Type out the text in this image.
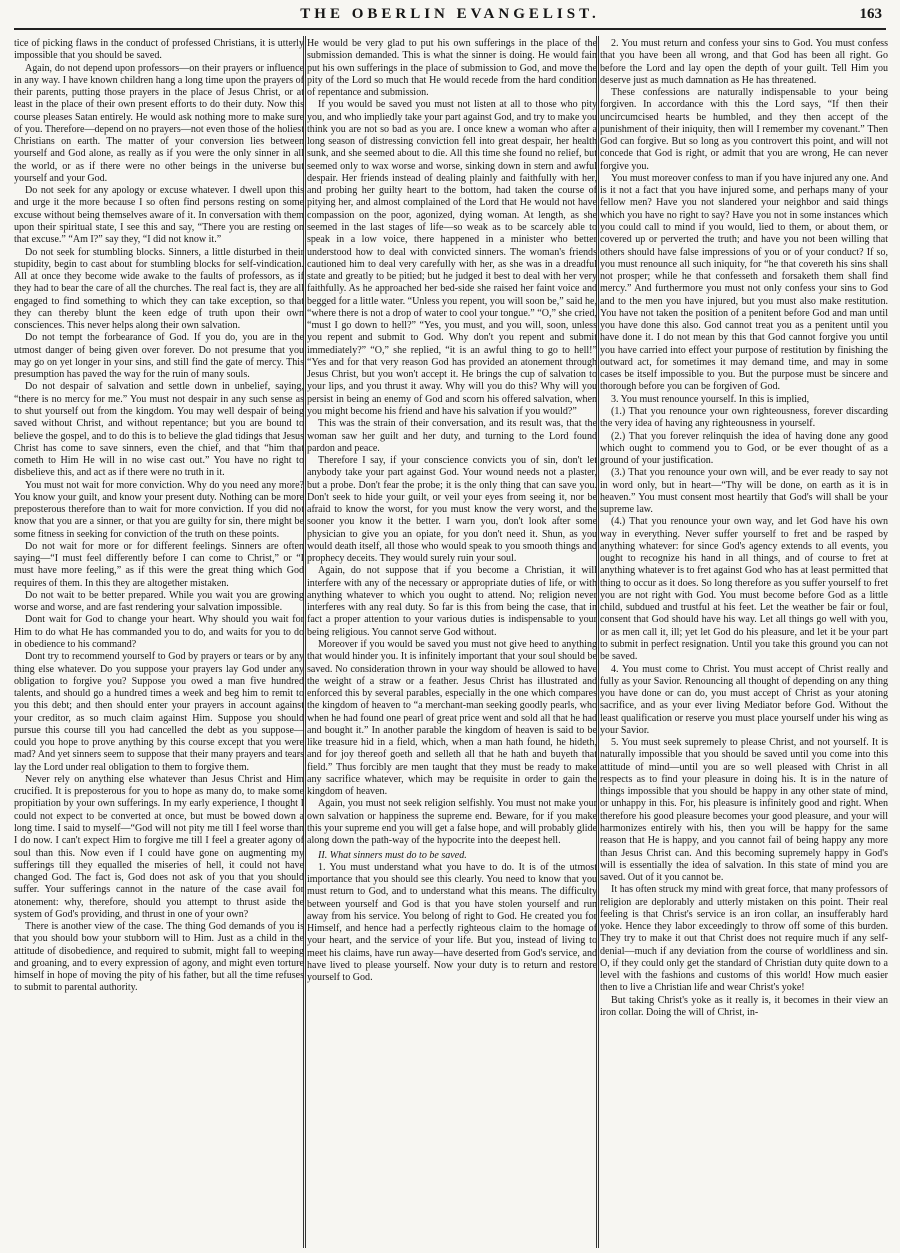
THE OBERLIN EVANGELIST.	163

tice of picking flaws in the conduct of professed Christians, it is utterly impossible that you should be saved.

Again, do not depend upon professors—on their prayers or influence in any way. I have known children hang a long time upon the prayers of their parents, putting those prayers in the place of Jesus Christ, or at least in the place of their own present efforts to do their duty. Now this course pleases Satan entirely. He would ask nothing more to make sure of you. Therefore—depend on no prayers—not even those of the holiest Christians on earth. The matter of your conversion lies between yourself and God alone, as really as if you were the only sinner in all the world, or as if there were no other beings in the universe but yourself and your God.

Do not seek for any apology or excuse whatever. I dwell upon this and urge it the more because I so often find persons resting on some excuse without being themselves aware of it. In conversation with them upon their spiritual state, I see this and say, “There you are resting on that excuse.” “Am I?” say they, “I did not know it.”

Do not seek for stumbling blocks. Sinners, a little disturbed in their stupidity, begin to cast about for stumbling blocks for self-vindication. All at once they become wide awake to the faults of professors, as if they had to bear the care of all the churches. The real fact is, they are all engaged to find something to which they can take exception, so that they can thereby blunt the keen edge of truth upon their own consciences. This never helps along their own salvation.

Do not tempt the forbearance of God. If you do, you are in the utmost danger of being given over forever. Do not presume that you may go on yet longer in your sins, and still find the gate of mercy. This presumption has paved the way for the ruin of many souls.

Do not despair of salvation and settle down in unbelief, saying, “there is no mercy for me.” You must not despair in any such sense as to shut yourself out from the kingdom. You may well despair of being saved without Christ, and without repentance; but you are bound to believe the gospel, and to do this is to believe the glad tidings that Jesus Christ has come to save sinners, even the chief, and that “him that cometh to Him He will in no wise cast out.” You have no right to disbelieve this, and act as if there were no truth in it.

You must not wait for more conviction. Why do you need any more? You know your guilt, and know your present duty. Nothing can be more preposterous therefore than to wait for more conviction. If you did not know that you are a sinner, or that you are guilty for sin, there might be some fitness in seeking for conviction of the truth on these points.

Do not wait for more or for different feelings. Sinners are often saying—“I must feel differently before I can come to Christ,” or “I must have more feeling,” as if this were the great thing which God requires of them. In this they are altogether mistaken.

Do not wait to be better prepared. While you wait you are growing worse and worse, and are fast rendering your salvation impossible.

Dont wait for God to change your heart. Why should you wait for Him to do what He has commanded you to do, and waits for you to do in obedience to his command?

Dont try to recommend yourself to God by prayers or tears or by any thing else whatever. Do you suppose your prayers lay God under any obligation to forgive you? Suppose you owed a man five hundred talents, and should go a hundred times a week and beg him to remit to you this debt; and then should enter your prayers in account against your creditor, as so much claim against Him. Suppose you should pursue this course till you had cancelled the debt as you suppose—could you hope to prove anything by this course except that you were mad? And yet sinners seem to suppose that their many prayers and tears lay the Lord under real obligation to them to forgive them.

Never rely on anything else whatever than Jesus Christ and Him crucified. It is preposterous for you to hope as many do, to make some propitiation by your own sufferings. In my early experience, I thought I could not expect to be converted at once, but must be bowed down a long time. I said to myself—“God will not pity me till I feel worse than I do now. I can't expect Him to forgive me till I feel a greater agony of soul than this. Now even if I could have gone on augmenting my sufferings till they equalled the miseries of hell, it could not have changed God. The fact is, God does not ask of you that you should suffer. Your sufferings cannot in the nature of the case avail for atonement: why, therefore, should you attempt to thrust aside the system of God's providing, and thrust in one of your own?

There is another view of the case. The thing God demands of you is that you should bow your stubborn will to Him. Just as a child in the attitude of disobedience, and required to submit, might fall to weeping and groaning, and to every expression of agony, and might even torture himself in hope of moving the pity of his father, but all the time refuses to submit to parental authority.

He would be very glad to put his own sufferings in the place of the submission demanded. This is what the sinner is doing. He would fain put his own sufferings in the place of submission to God, and move the pity of the Lord so much that He would recede from the hard condition of repentance and submission.

If you would be saved you must not listen at all to those who pity you, and who impliedly take your part against God, and try to make you think you are not so bad as you are. I once knew a woman who after a long season of distressing conviction fell into great despair, her health sunk, and she seemed about to die. All this time she found no relief, but seemed only to wax worse and worse, sinking down in stern and awful despair. Her friends instead of dealing plainly and faithfully with her, and probing her guilty heart to the bottom, had taken the course of pitying her, and almost complained of the Lord that He would not have compassion on the poor, agonized, dying woman. At length, as she seemed in the last stages of life—so weak as to be scarcely able to speak in a low voice, there happened in a minister who better understood how to deal with convicted sinners. The woman's friends cautioned him to deal very carefully with her, as she was in a dreadful state and greatly to be pitied; but he judged it best to deal with her very faithfully. As he approached her bed-side she raised her faint voice and begged for a little water. “Unless you repent, you will soon be,” said he, “where there is not a drop of water to cool your tongue.” “O,” she cried, “must I go down to hell?” “Yes, you must, and you will, soon, unless you repent and submit to God. Why don't you repent and submit immediately?” “O,” she replied, “it is an awful thing to go to hell!” “Yes and for that very reason God has provided an atonement through Jesus Christ, but you won't accept it. He brings the cup of salvation to your lips, and you thrust it away. Why will you do this? Why will you persist in being an enemy of God and scorn his offered salvation, when you might become his friend and have his salvation if you would?”

This was the strain of their conversation, and its result was, that the woman saw her guilt and her duty, and turning to the Lord found pardon and peace.

Therefore I say, if your conscience convicts you of sin, don't let anybody take your part against God. Your wound needs not a plaster, but a probe. Don't fear the probe; it is the only thing that can save you. Don't seek to hide your guilt, or veil your eyes from seeing it, nor be afraid to know the worst, for you must know the very worst, and the sooner you know it the better. I warn you, don't look after some physician to give you an opiate, for you don't need it. Shun, as you would death itself, all those who would speak to you smooth things and prophecy deceits. They would surely ruin your soul.

Again, do not suppose that if you become a Christian, it will interfere with any of the necessary or appropriate duties of life, or with anything whatever to which you ought to attend. No; religion never interferes with any real duty. So far is this from being the case, that in fact a proper attention to your various duties is indispensable to your being religious. You cannot serve God without.

Moreover if you would be saved you must not give heed to anything that would hinder you. It is infinitely important that your soul should be saved. No consideration thrown in your way should be allowed to have the weight of a straw or a feather. Jesus Christ has illustrated and enforced this by several parables, especially in the one which compares the kingdom of heaven to “a merchant-man seeking goodly pearls, who when he had found one pearl of great price went and sold all that he had and bought it.” In another parable the kingdom of heaven is said to be like treasure hid in a field, which, when a man hath found, he hideth, and for joy thereof goeth and selleth all that he hath and buyeth that field.” Thus forcibly are men taught that they must be ready to make any sacrifice whatever, which may be requisite in order to gain the kingdom of heaven.

Again, you must not seek religion selfishly. You must not make your own salvation or happiness the supreme end. Beware, for if you make this your supreme end you will get a false hope, and will probably glide along down the path-way of the hypocrite into the deepest hell.

II. What sinners must do to be saved.

1. You must understand what you have to do. It is of the utmost importance that you should see this clearly. You need to know that you must return to God, and to understand what this means. The difficulty between yourself and God is that you have stolen yourself and run away from his service. You belong of right to God. He created you for Himself, and hence had a perfectly righteous claim to the homage of your heart, and the service of your life. But you, instead of living to meet his claims, have run away—have deserted from God's service, and have lived to please yourself. Now your duty is to return and restore yourself to God.

2. You must return and confess your sins to God. You must confess that you have been all wrong, and that God has been all right. Go before the Lord and lay open the depth of your guilt. Tell Him you deserve just as much damnation as He has threatened.

These confessions are naturally indispensable to your being forgiven. In accordance with this the Lord says, “If then their uncircumcised hearts be humbled, and they then accept of the punishment of their iniquity, then will I remember my covenant.” Then God can forgive. But so long as you controvert this point, and will not concede that God is right, or admit that you are wrong, He can never forgive you.

You must moreover confess to man if you have injured any one. And is it not a fact that you have injured some, and perhaps many of your fellow men? Have you not slandered your neighbor and said things which you have no right to say? Have you not in some instances which you could call to mind if you would, lied to them, or about them, or covered up or perverted the truth; and have you not been willing that others should have false impressions of you or of your conduct? If so, you must renounce all such iniquity, for “he that covereth his sins shall not prosper; while he that confesseth and forsaketh them shall find mercy.” And furthermore you must not only confess your sins to God and to the men you have injured, but you must also make restitution. You have not taken the position of a penitent before God and man until you have done this also. God cannot treat you as a penitent until you have done it. I do not mean by this that God cannot forgive you until you have carried into effect your purpose of restitution by finishing the outward act, for sometimes it may demand time, and may in some cases be itself impossible to you. But the purpose must be sincere and thorough before you can be forgiven of God.

3. You must renounce yourself. In this is implied,

(1.) That you renounce your own righteousness, forever discarding the very idea of having any righteousness in yourself.

(2.) That you forever relinquish the idea of having done any good which ought to commend you to God, or be ever thought of as a ground of your justification.

(3.) That you renounce your own will, and be ever ready to say not in word only, but in heart—“Thy will be done, on earth as it is in heaven.” You must consent most heartily that God's will shall be your supreme law.

(4.) That you renounce your own way, and let God have his own way in everything. Never suffer yourself to fret and be rasped by anything whatever: for since God's agency extends to all events, you ought to recognize his hand in all things, and of course to fret at anything whatever is to fret against God who has at least permitted that thing to occur as it does. So long therefore as you suffer yourself to fret you are not right with God. You must become before God as a little child, subdued and trustful at his feet. Let the weather be fair or foul, consent that God should have his way. Let all things go well with you, or as men call it, ill; yet let God do his pleasure, and let it be your part to submit in perfect resignation. Until you take this ground you can not be saved.

4. You must come to Christ. You must accept of Christ really and fully as your Savior. Renouncing all thought of depending on any thing you have done or can do, you must accept of Christ as your atoning sacrifice, and as your ever living Mediator before God. Without the least qualification or reserve you must place yourself under his wing as your Savior.

5. You must seek supremely to please Christ, and not yourself. It is naturally impossible that you should be saved until you come into this attitude of mind—until you are so well pleased with Christ in all respects as to find your pleasure in doing his. It is in the nature of things impossible that you should be happy in any other state of mind, or unhappy in this. For, his pleasure is infinitely good and right. When therefore his good pleasure becomes your good pleasure, and your will harmonizes entirely with his, then you will be happy for the same reason that He is happy, and you cannot fail of being happy any more than Jesus Christ can. And this becoming supremely happy in God's will is essentially the idea of salvation. In this state of mind you are saved. Out of it you cannot be.

It has often struck my mind with great force, that many professors of religion are deplorably and utterly mistaken on this point. Their real feeling is that Christ's service is an iron collar, an insufferably hard yoke. Hence they labor exceedingly to throw off some of this burden. They try to make it out that Christ does not require much if any self-denial—much if any deviation from the course of worldliness and sin. O, if they could only get the standard of Christian duty quite down to a level with the fashions and customs of this world! How much easier then to live a Christian life and wear Christ's yoke!

But taking Christ's yoke as it really is, it becomes in their view an iron collar. Doing the will of Christ, in-
